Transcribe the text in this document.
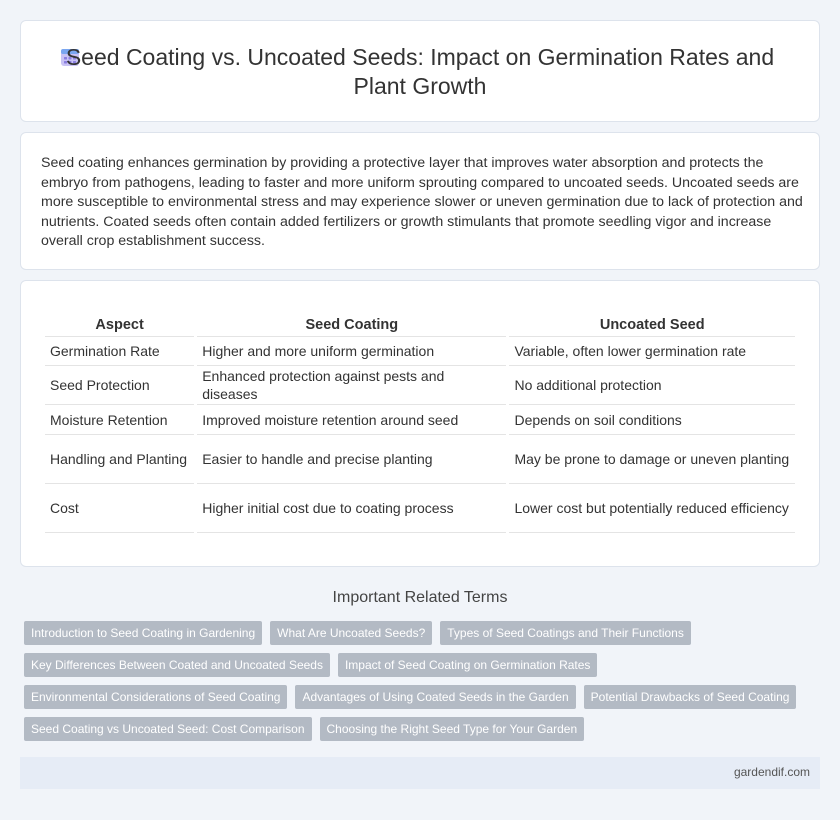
Seed Coating vs. Uncoated Seeds: Impact on Germination Rates and Plant Growth

Seed coating enhances germination by providing a protective layer that improves water absorption and protects the embryo from pathogens, leading to faster and more uniform sprouting compared to uncoated seeds. Uncoated seeds are more susceptible to environmental stress and may experience slower or uneven germination due to lack of protection and nutrients. Coated seeds often contain added fertilizers or growth stimulants that promote seedling vigor and increase overall crop establishment success.

Aspect	Seed Coating	Uncoated Seed
Germination Rate	Higher and more uniform germination	Variable, often lower germination rate
Seed Protection	Enhanced protection against pests and diseases	No additional protection
Moisture Retention	Improved moisture retention around seed	Depends on soil conditions
Handling and Planting	Easier to handle and precise planting	May be prone to damage or uneven planting
Cost	Higher initial cost due to coating process	Lower cost but potentially reduced efficiency
Important Related Terms
Introduction to Seed Coating in Gardening	What Are Uncoated Seeds?	Types of Seed Coatings and Their Functions
Key Differences Between Coated and Uncoated Seeds	Impact of Seed Coating on Germination Rates
Environmental Considerations of Seed Coating	Advantages of Using Coated Seeds in the Garden	Potential Drawbacks of Seed Coating
Seed Coating vs Uncoated Seed: Cost Comparison	Choosing the Right Seed Type for Your Garden
gardendif.com
